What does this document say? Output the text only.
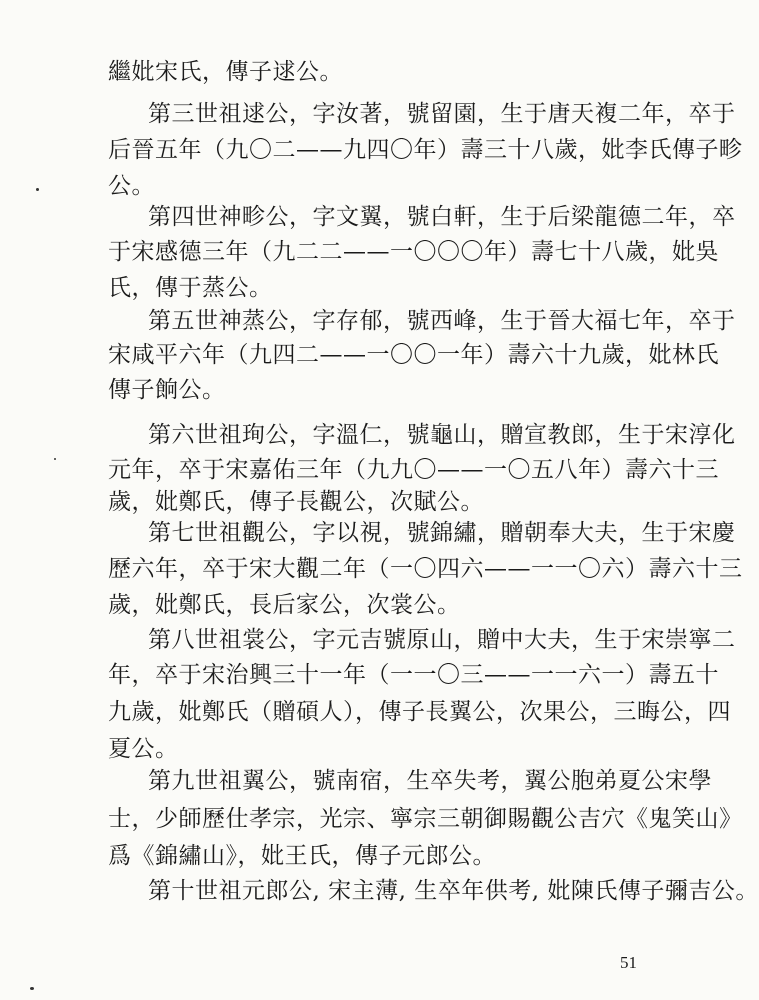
繼妣宋氏，傳子逑公。
第三世祖逑公，字汝著，號留園，生于唐天複二年，卒于
后晉五年（九〇二——九四〇年）壽三十八歲，妣李氏傳子畛
公。
第四世神畛公，字文翼，號白軒，生于后梁龍德二年，卒
于宋感德三年（九二二——一〇〇〇年）壽七十八歲，妣吳
氏，傳于蒸公。
第五世神蒸公，字存郁，號西峰，生于晉大福七年，卒于
宋咸平六年（九四二——一〇〇一年）壽六十九歲，妣林氏
傳子餉公。
第六世祖珣公，字溫仁，號龜山，贈宣教郎，生于宋淳化
元年，卒于宋嘉佑三年（九九〇——一〇五八年）壽六十三
歲，妣鄭氏，傳子長觀公，次賦公。
第七世祖觀公，字以視，號錦繡，贈朝奉大夫，生于宋慶
歷六年，卒于宋大觀二年（一〇四六——一一〇六）壽六十三
歲，妣鄭氏，長后家公，次裳公。
第八世祖裳公，字元吉號原山，贈中大夫，生于宋崇寧二
年，卒于宋治興三十一年（一一〇三——一一六一）壽五十
九歲，妣鄭氏（贈碩人），傳子長翼公，次果公，三晦公，四
夏公。
第九世祖翼公，號南宿，生卒失考，翼公胞弟夏公宋學
士，少師歷仕孝宗，光宗、寧宗三朝御賜觀公吉穴《鬼笑山》
爲《錦繡山》，妣王氏，傳子元郎公。
第十世祖元郎公, 宋主薄, 生卒年供考, 妣陳氏傳子彌吉公。
51
